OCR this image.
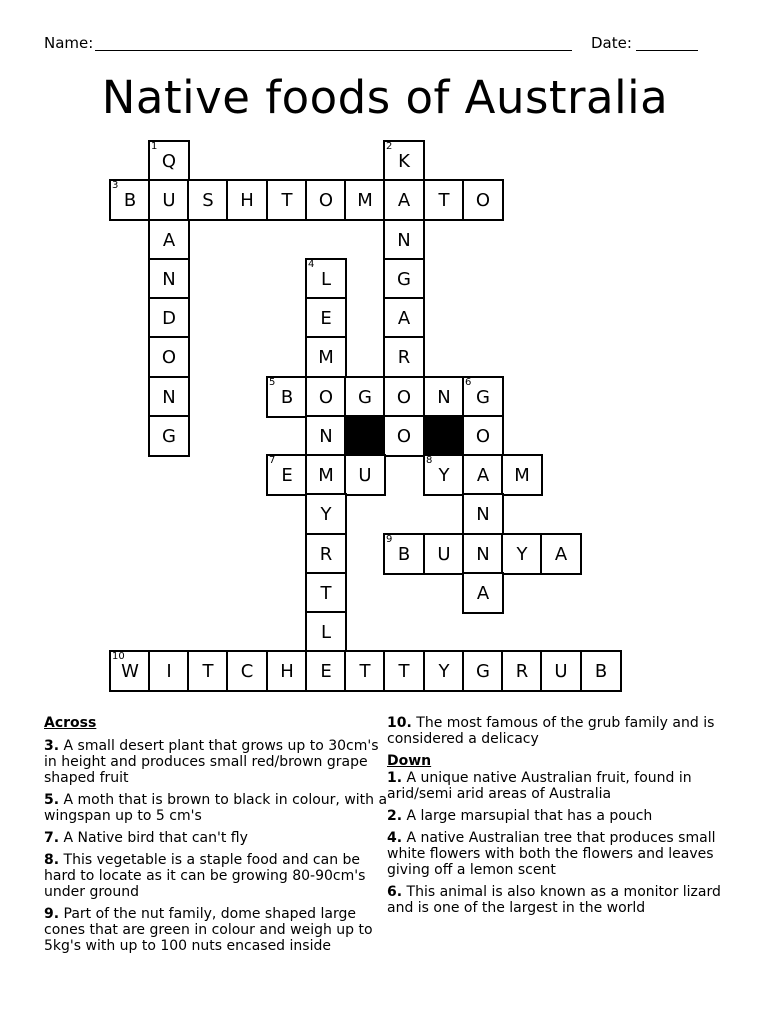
Name:	Date:
Native foods of Australia
1
Q
2
K
3
B	U	S	H	T	O	M	A	T	O
A	N
N
4
L	G
D	E	A
O	M	R
N
5
B	O	G	O	N
6
G
G	N	O	O
7
E	M	U
8
Y	A	M
Y	N
R
9
B	U	N	Y	A
T	A
L
10
W	I	T	C	H	E	T	T	Y	G	R	U	B
Across
3. A small desert plant that grows up to 30cm's in height and produces small red/brown grape shaped fruit
5. A moth that is brown to black in colour, with a wingspan up to 5 cm's
7. A Native bird that can't fly
8. This vegetable is a staple food and can be hard to locate as it can be growing 80-90cm's under ground
9. Part of the nut family, dome shaped large cones that are green in colour and weigh up to 5kg's with up to 100 nuts encased inside
10. The most famous of the grub family and is considered a delicacy
Down
1. A unique native Australian fruit, found in arid/semi arid areas of Australia
2. A large marsupial that has a pouch
4. A native Australian tree that produces small white flowers with both the flowers and leaves giving off a lemon scent
6. This animal is also known as a monitor lizard and is one of the largest in the world
